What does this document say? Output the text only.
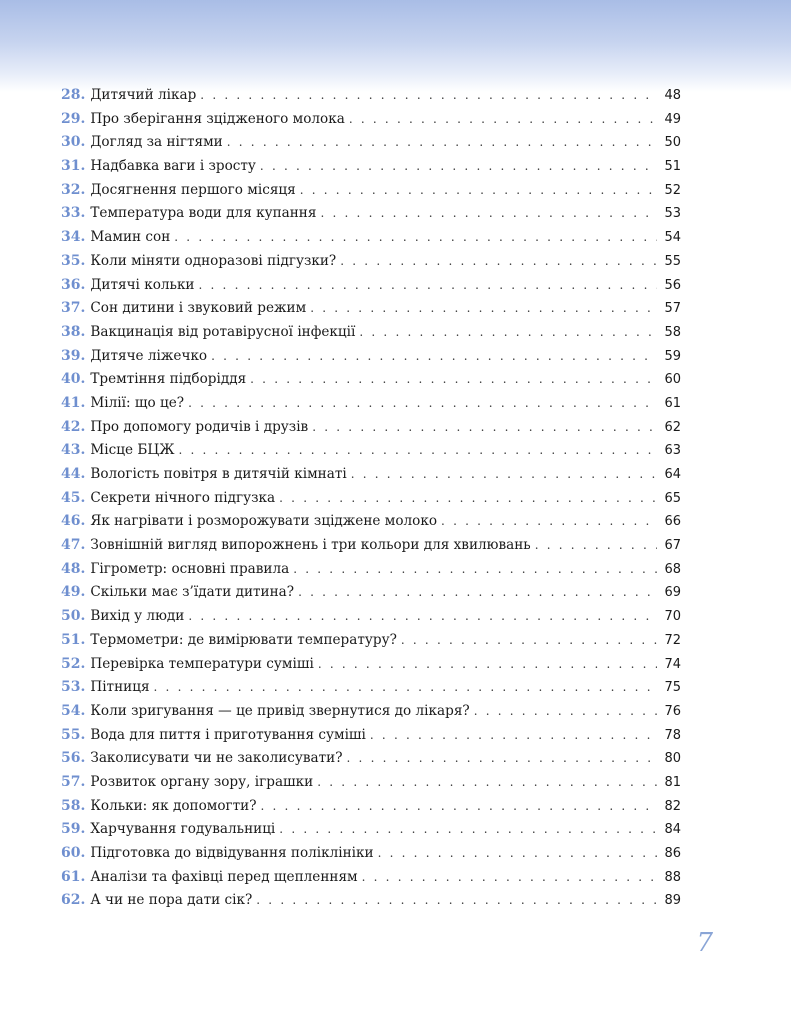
28. Дитячий лікар . . .	48
29. Про зберігання зцідженого молока . . .	49
30. Догляд за нігтями . . .	50
31. Надбавка ваги і зросту . . .	51
32. Досягнення першого місяця . . .	52
33. Температура води для купання . . .	53
34. Мамин сон . . .	54
35. Коли міняти одноразові підгузки? . . .	55
36. Дитячі кольки . . .	56
37. Сон дитини і звуковий режим . . .	57
38. Вакцинація від ротавірусної інфекції . . .	58
39. Дитяче ліжечко . . .	59
40. Тремтіння підборіддя . . .	60
41. Мілії: що це? . . .	61
42. Про допомогу родичів і друзів . . .	62
43. Місце БЦЖ . . .	63
44. Вологість повітря в дитячій кімнаті . . .	64
45. Секрети нічного підгузка . . .	65
46. Як нагрівати і розморожувати зціджене молоко . . .	66
47. Зовнішній вигляд випорожнень і три кольори для хвилювань . . .	67
48. Гігрометр: основні правила . . .	68
49. Скільки має з’їдати дитина? . . .	69
50. Вихід у люди . . .	70
51. Термометри: де вимірювати температуру? . . .	72
52. Перевірка температури суміші . . .	74
53. Пітниця . . .	75
54. Коли зригування — це привід звернутися до лікаря? . . .	76
55. Вода для пиття і приготування суміші . . .	78
56. Заколисувати чи не заколисувати? . . .	80
57. Розвиток органу зору, іграшки . . .	81
58. Кольки: як допомогти? . . .	82
59. Харчування годувальниці . . .	84
60. Підготовка до відвідування поліклініки . . .	86
61. Аналізи та фахівці перед щепленням . . .	88
62. А чи не пора дати сік? . . .	89
7
